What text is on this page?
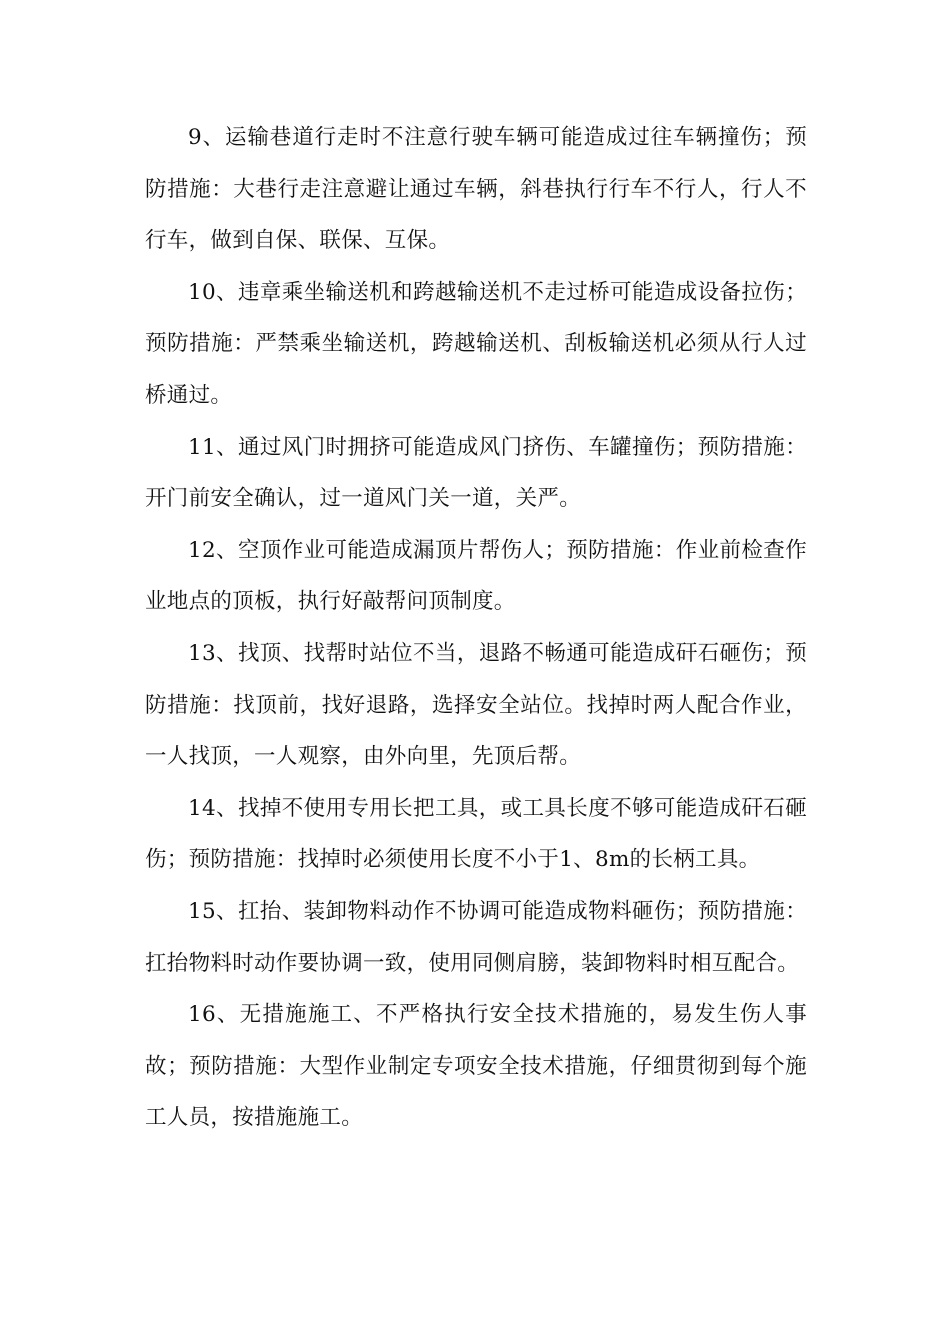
9、运输巷道行走时不注意行驶车辆可能造成过往车辆撞伤；预防措施：大巷行走注意避让通过车辆，斜巷执行行车不行人，行人不行车，做到自保、联保、互保。

10、违章乘坐输送机和跨越输送机不走过桥可能造成设备拉伤；预防措施：严禁乘坐输送机，跨越输送机、刮板输送机必须从行人过桥通过。

11、通过风门时拥挤可能造成风门挤伤、车罐撞伤；预防措施：开门前安全确认，过一道风门关一道，关严。

12、空顶作业可能造成漏顶片帮伤人；预防措施：作业前检查作业地点的顶板，执行好敲帮问顶制度。

13、找顶、找帮时站位不当，退路不畅通可能造成矸石砸伤；预防措施：找顶前，找好退路，选择安全站位。找掉时两人配合作业，一人找顶，一人观察，由外向里，先顶后帮。

14、找掉不使用专用长把工具，或工具长度不够可能造成矸石砸伤；预防措施：找掉时必须使用长度不小于1、8m的长柄工具。

15、扛抬、装卸物料动作不协调可能造成物料砸伤；预防措施：扛抬物料时动作要协调一致，使用同侧肩膀，装卸物料时相互配合。

16、无措施施工、不严格执行安全技术措施的，易发生伤人事故；预防措施：大型作业制定专项安全技术措施，仔细贯彻到每个施工人员，按措施施工。
